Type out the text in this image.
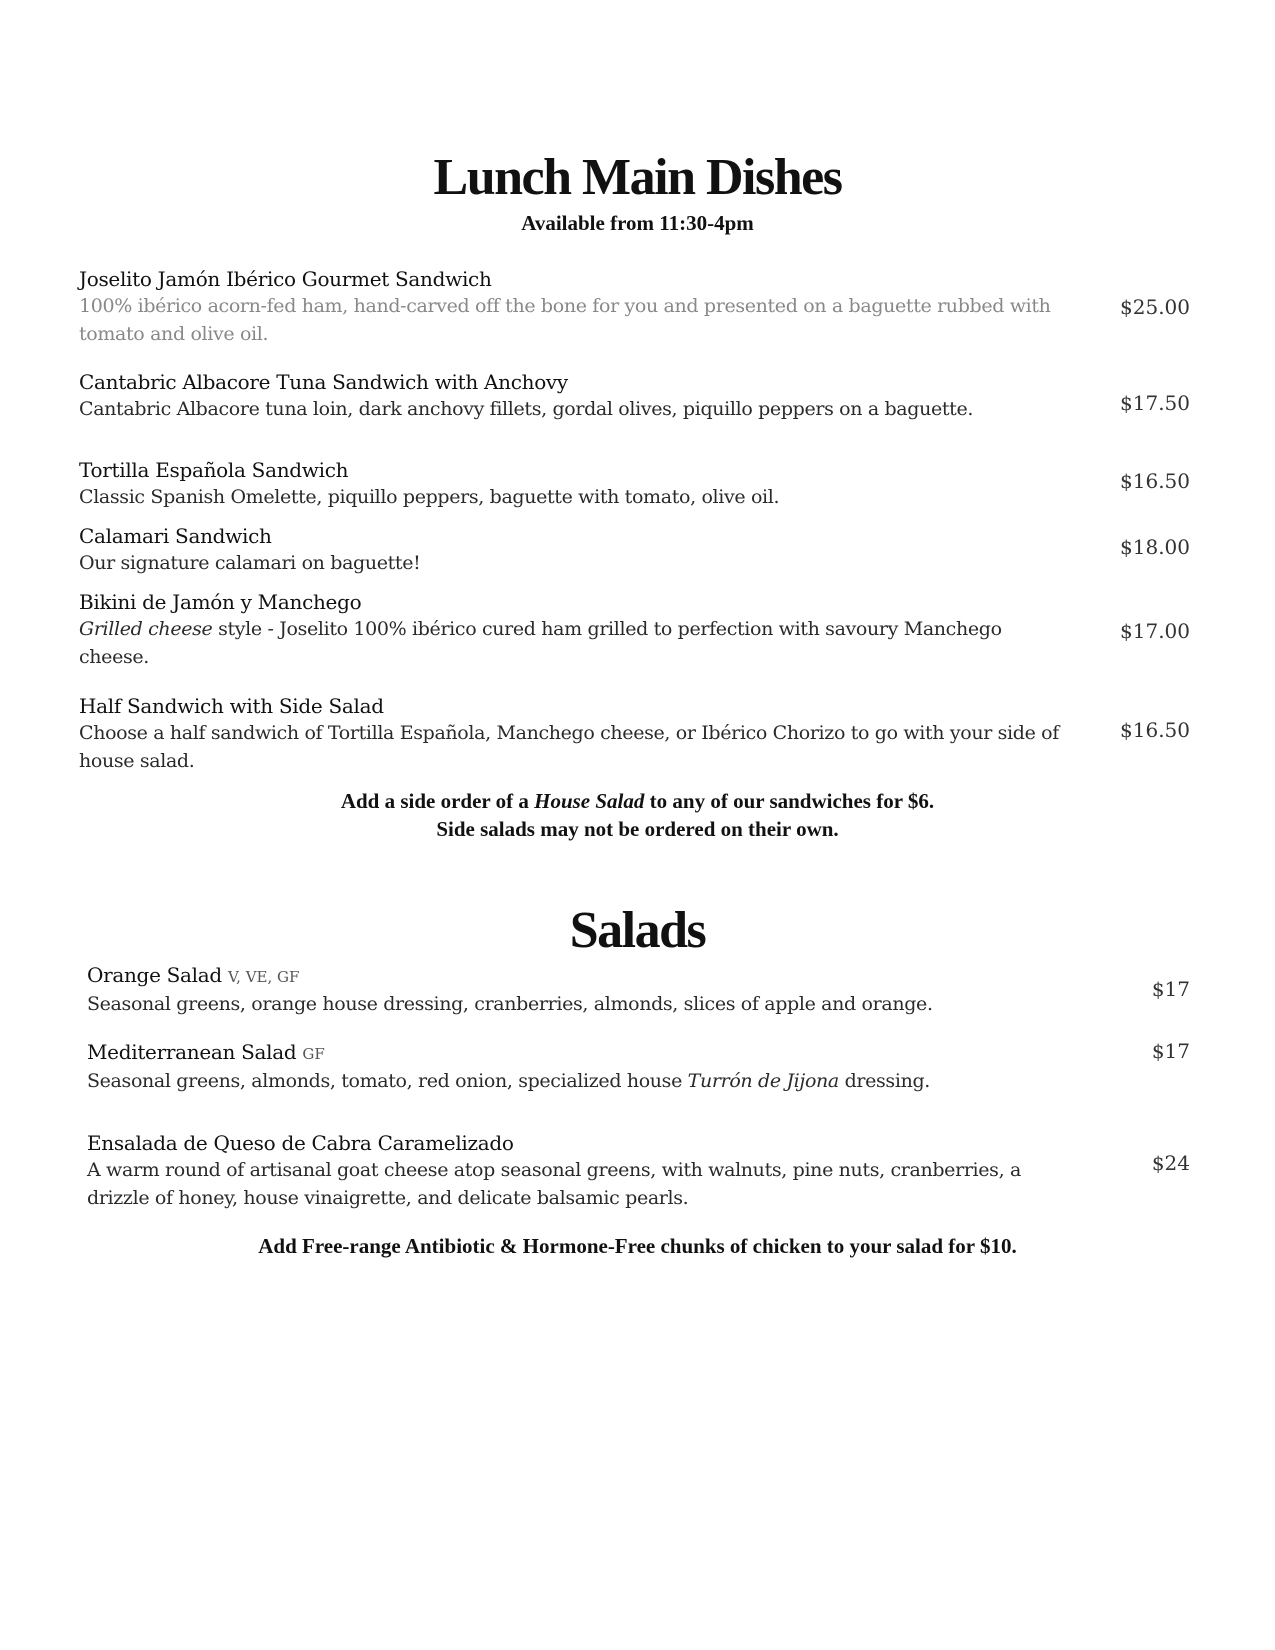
Lunch Main Dishes
Available from 11:30-4pm
Joselito Jamón Ibérico Gourmet Sandwich
100% ibérico acorn-fed ham, hand-carved off the bone for you and presented on a baguette rubbed with tomato and olive oil.
$25.00
Cantabric Albacore Tuna Sandwich with Anchovy
Cantabric Albacore tuna loin, dark anchovy fillets, gordal olives, piquillo peppers on a baguette.	$17.50
Tortilla Española Sandwich
Classic Spanish Omelette, piquillo peppers, baguette with tomato, olive oil.
$16.50
Calamari Sandwich
Our signature calamari on baguette!
$18.00
Bikini de Jamón y Manchego
Grilled cheese style - Joselito 100% ibérico cured ham grilled to perfection with savoury Manchego cheese.
$17.00
Half Sandwich with Side Salad
Choose a half sandwich of Tortilla Española, Manchego cheese, or Ibérico Chorizo to go with your side of house salad.
$16.50
Add a side order of a House Salad to any of our sandwiches for $6.
Side salads may not be ordered on their own.
Salads
Orange Salad V, VE, GF
Seasonal greens, orange house dressing, cranberries, almonds, slices of apple and orange.
$17
Mediterranean Salad GF
Seasonal greens, almonds, tomato, red onion, specialized house Turrón de Jijona dressing.
$17
Ensalada de Queso de Cabra Caramelizado
A warm round of artisanal goat cheese atop seasonal greens, with walnuts, pine nuts, cranberries, a drizzle of honey, house vinaigrette, and delicate balsamic pearls.
$24
Add Free-range Antibiotic & Hormone-Free chunks of chicken to your salad for $10.
